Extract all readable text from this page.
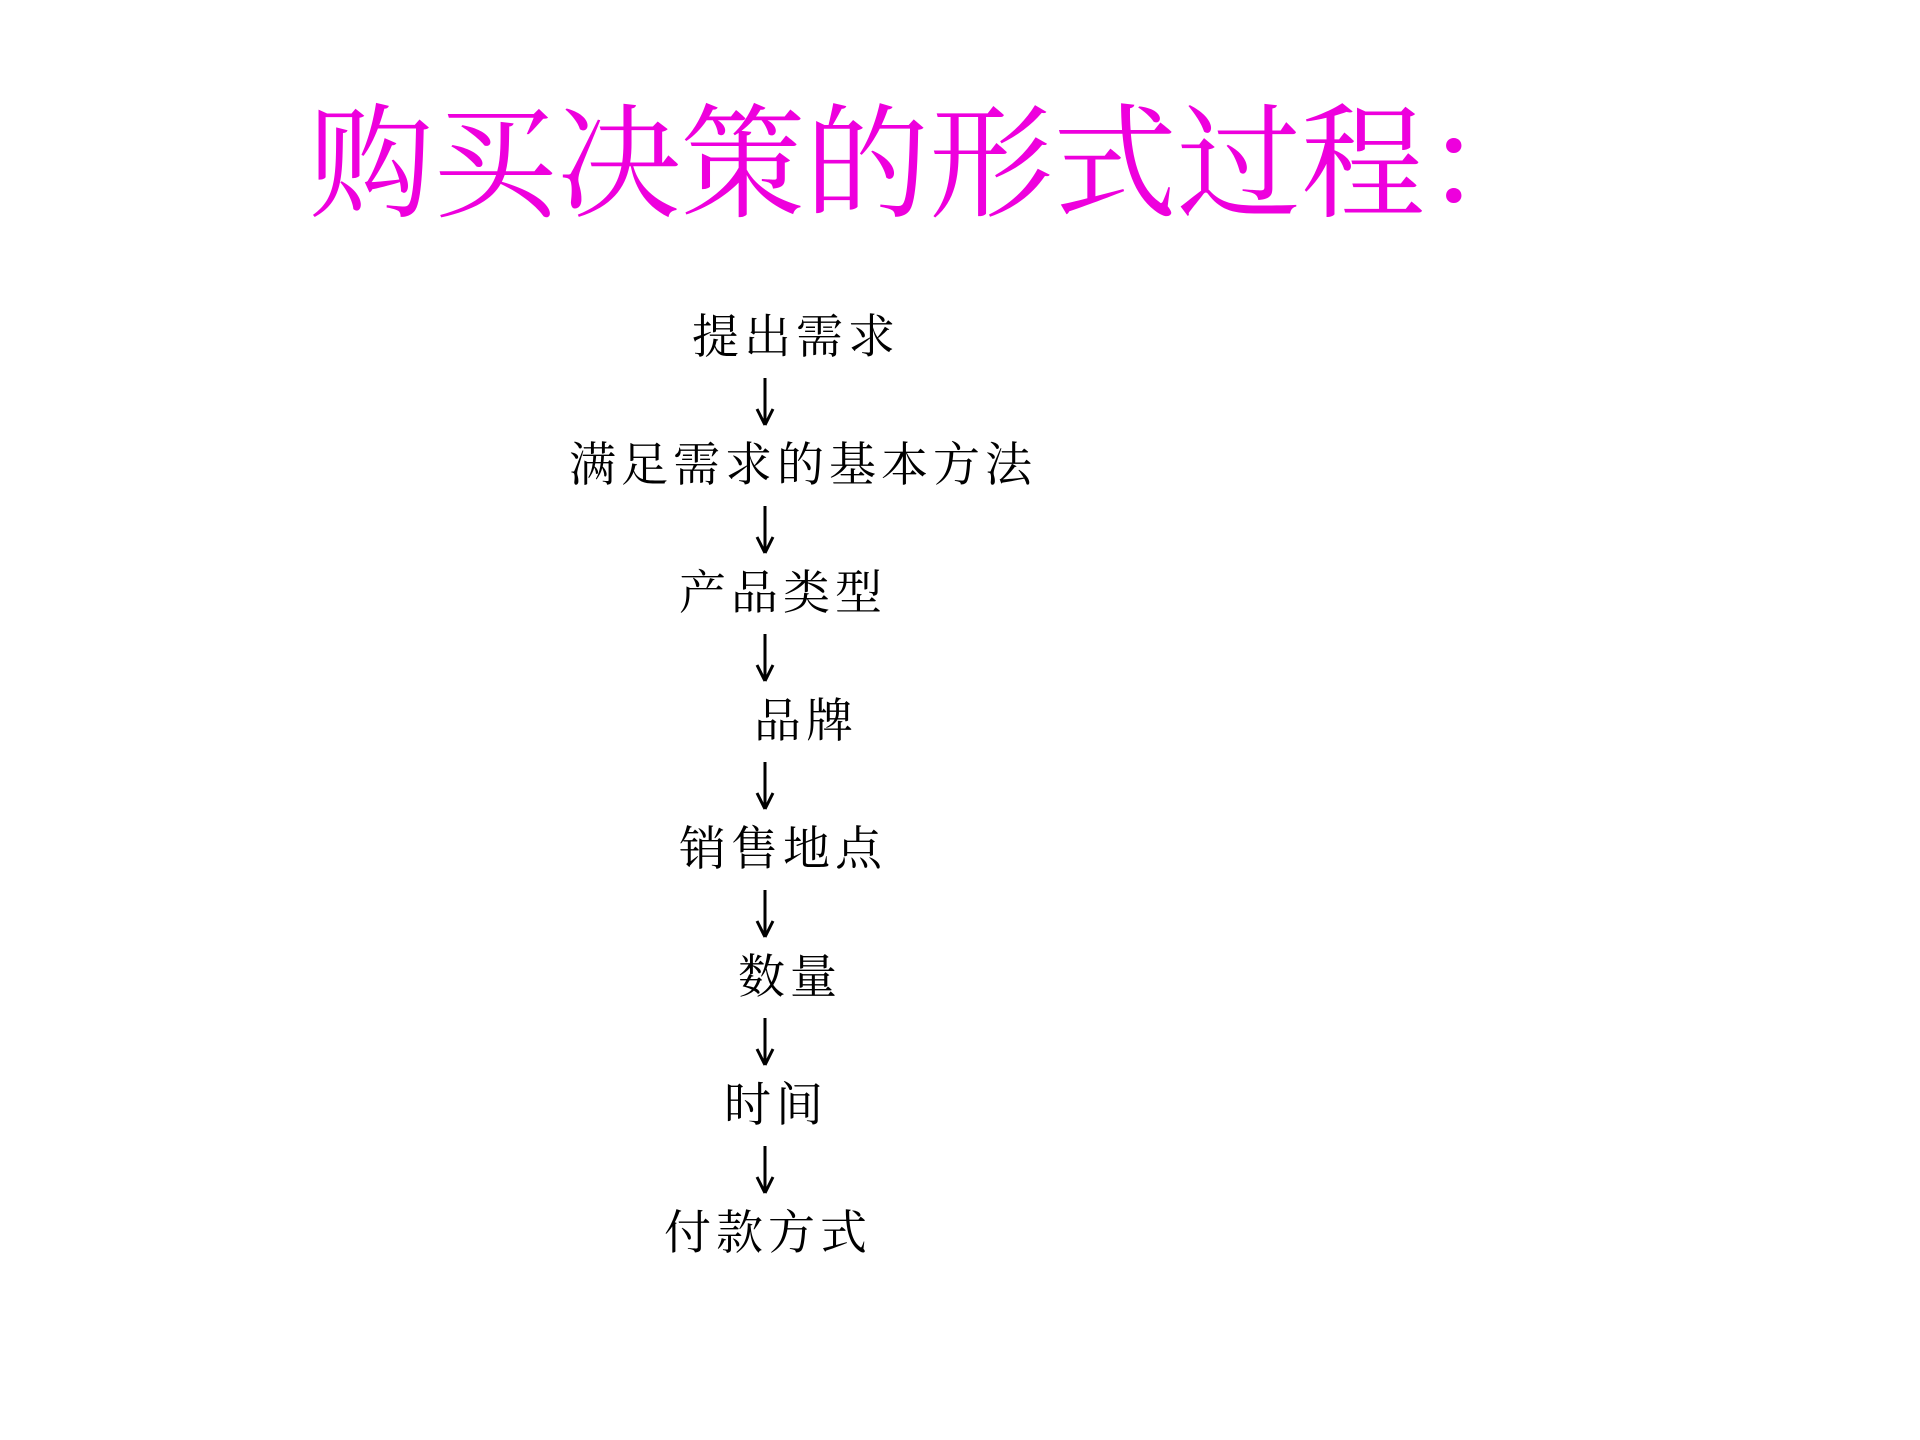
购买决策的形式过程：
提出需求
满足需求的基本方法
产品类型
品牌
销售地点
数量
时间
付款方式
